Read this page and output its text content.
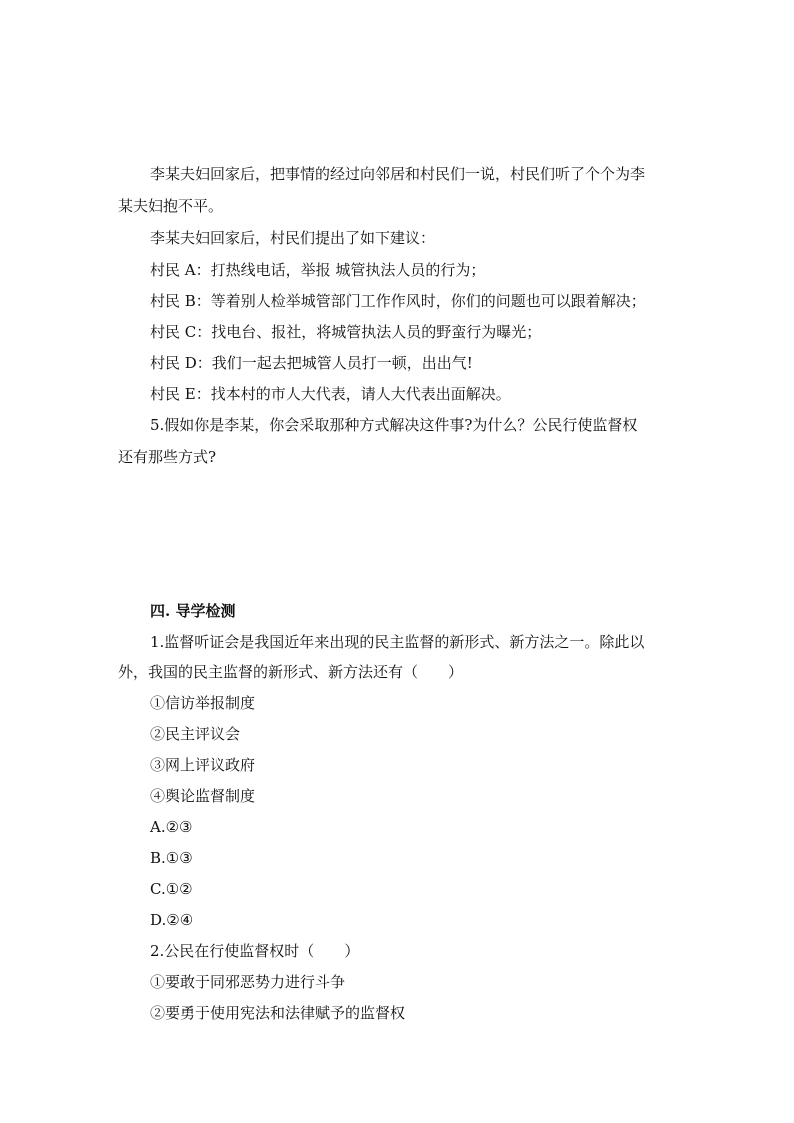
李某夫妇回家后，把事情的经过向邻居和村民们一说，村民们听了个个为李
某夫妇抱不平。
李某夫妇回家后，村民们提出了如下建议：
村民 A：打热线电话，举报 城管执法人员的行为；
村民 B：等着别人检举城管部门工作作风时，你们的问题也可以跟着解决；
村民 C：找电台、报社，将城管执法人员的野蛮行为曝光；
村民 D：我们一起去把城管人员打一顿，出出气!
村民 E：找本村的市人大代表，请人大代表出面解决。
5.假如你是李某，你会采取那种方式解决这件事?为什么？公民行使监督权
还有那些方式?
四. 导学检测
1.监督听证会是我国近年来出现的民主监督的新形式、新方法之一。除此以
外，我国的民主监督的新形式、新方法还有（　　）
①信访举报制度
②民主评议会
③网上评议政府
④舆论监督制度
A.②③
B.①③
C.①②
D.②④
2.公民在行使监督权时（　　）
①要敢于同邪恶势力进行斗争
②要勇于使用宪法和法律赋予的监督权
